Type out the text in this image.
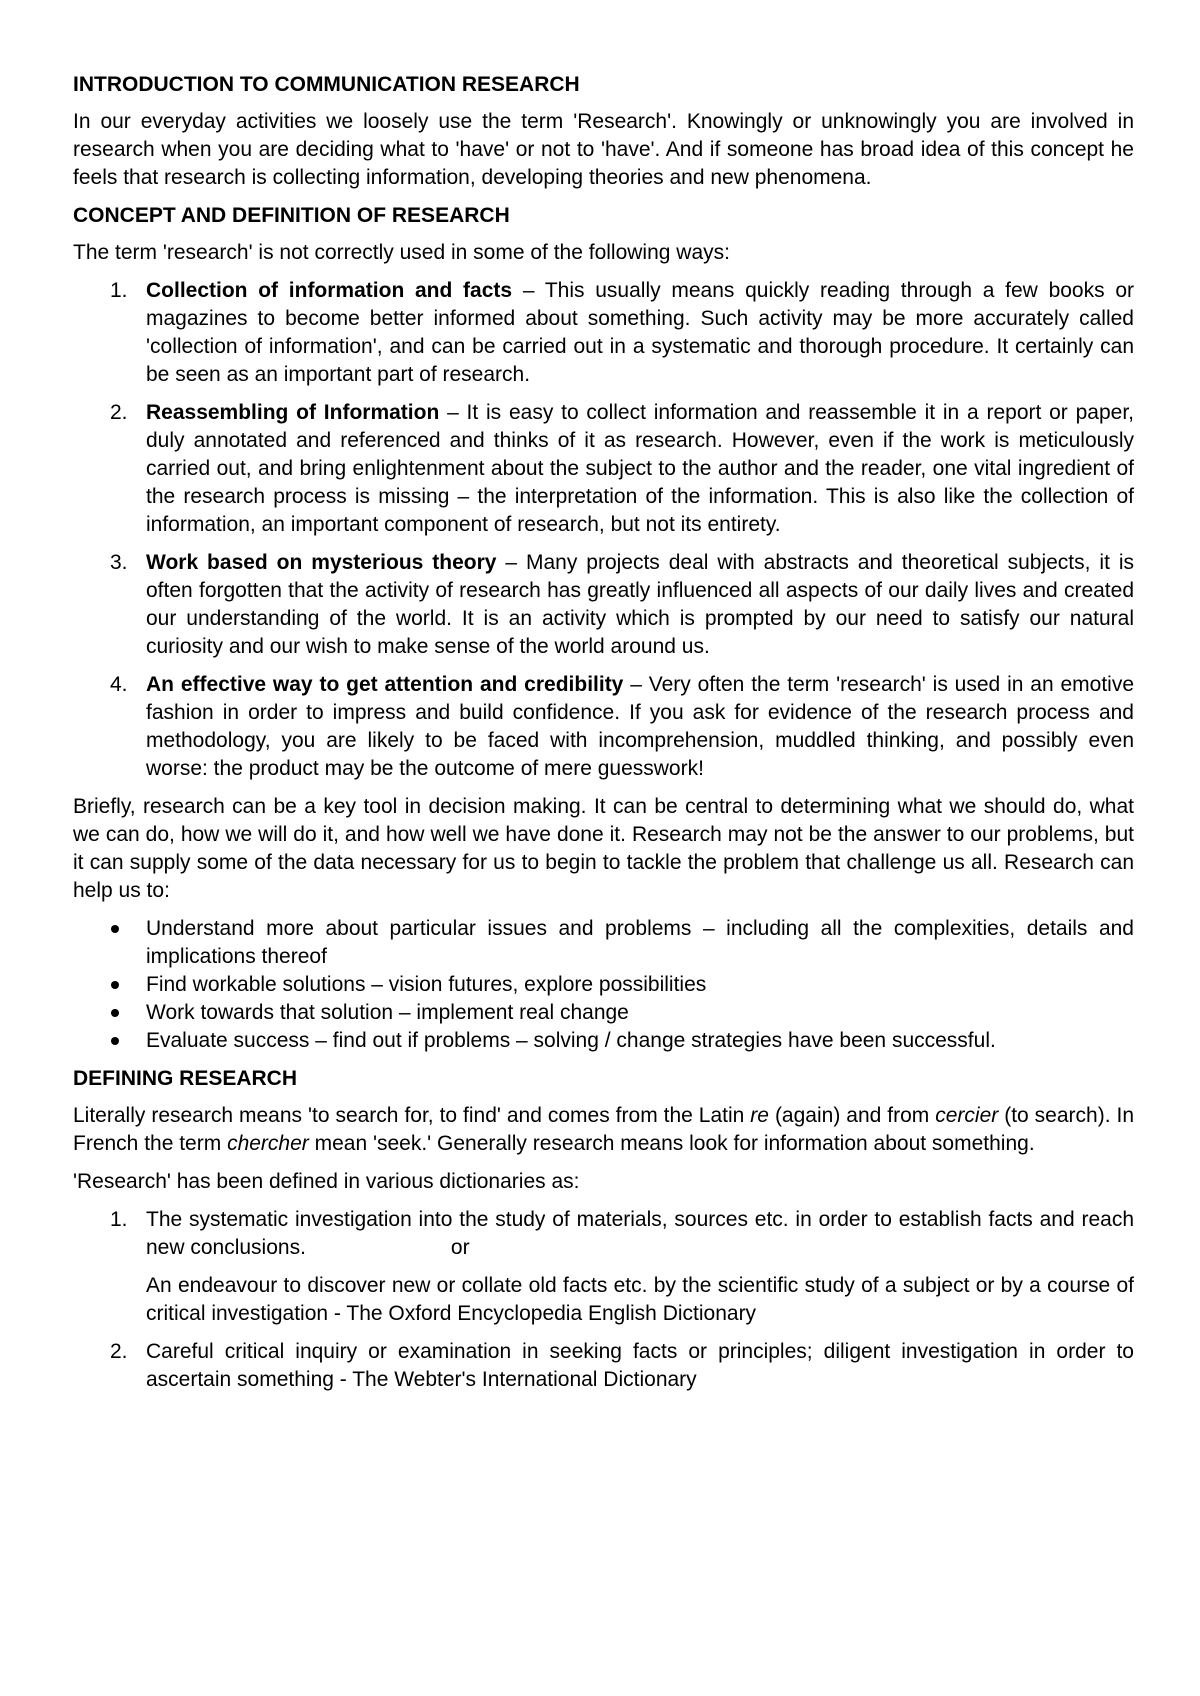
INTRODUCTION TO COMMUNICATION RESEARCH

In our everyday activities we loosely use the term 'Research'. Knowingly or unknowingly you are involved in research when you are deciding what to 'have' or not to 'have'. And if someone has broad idea of this concept he feels that research is collecting information, developing theories and new phenomena.

CONCEPT AND DEFINITION OF RESEARCH

The term 'research' is not correctly used in some of the following ways:

1. Collection of information and facts – This usually means quickly reading through a few books or magazines to become better informed about something. Such activity may be more accurately called 'collection of information', and can be carried out in a systematic and thorough procedure. It certainly can be seen as an important part of research.
2. Reassembling of Information – It is easy to collect information and reassemble it in a report or paper, duly annotated and referenced and thinks of it as research. However, even if the work is meticulously carried out, and bring enlightenment about the subject to the author and the reader, one vital ingredient of the research process is missing – the interpretation of the information. This is also like the collection of information, an important component of research, but not its entirety.
3. Work based on mysterious theory – Many projects deal with abstracts and theoretical subjects, it is often forgotten that the activity of research has greatly influenced all aspects of our daily lives and created our understanding of the world. It is an activity which is prompted by our need to satisfy our natural curiosity and our wish to make sense of the world around us.
4. An effective way to get attention and credibility – Very often the term 'research' is used in an emotive fashion in order to impress and build confidence. If you ask for evidence of the research process and methodology, you are likely to be faced with incomprehension, muddled thinking, and possibly even worse: the product may be the outcome of mere guesswork!

Briefly, research can be a key tool in decision making. It can be central to determining what we should do, what we can do, how we will do it, and how well we have done it. Research may not be the answer to our problems, but it can supply some of the data necessary for us to begin to tackle the problem that challenge us all. Research can help us to:

Understand more about particular issues and problems – including all the complexities, details and implications thereof
Find workable solutions – vision futures, explore possibilities
Work towards that solution – implement real change
Evaluate success – find out if problems – solving / change strategies have been successful.
DEFINING RESEARCH

Literally research means 'to search for, to find' and comes from the Latin re (again) and from cercier (to search). In French the term chercher mean 'seek.' Generally research means look for information about something.

'Research' has been defined in various dictionaries as:

1. The systematic investigation into the study of materials, sources etc. in order to establish facts and reach new conclusions.	or
An endeavour to discover new or collate old facts etc. by the scientific study of a subject or by a course of critical investigation - The Oxford Encyclopedia English Dictionary
2. Careful critical inquiry or examination in seeking facts or principles; diligent investigation in order to ascertain something - The Webter's International Dictionary
